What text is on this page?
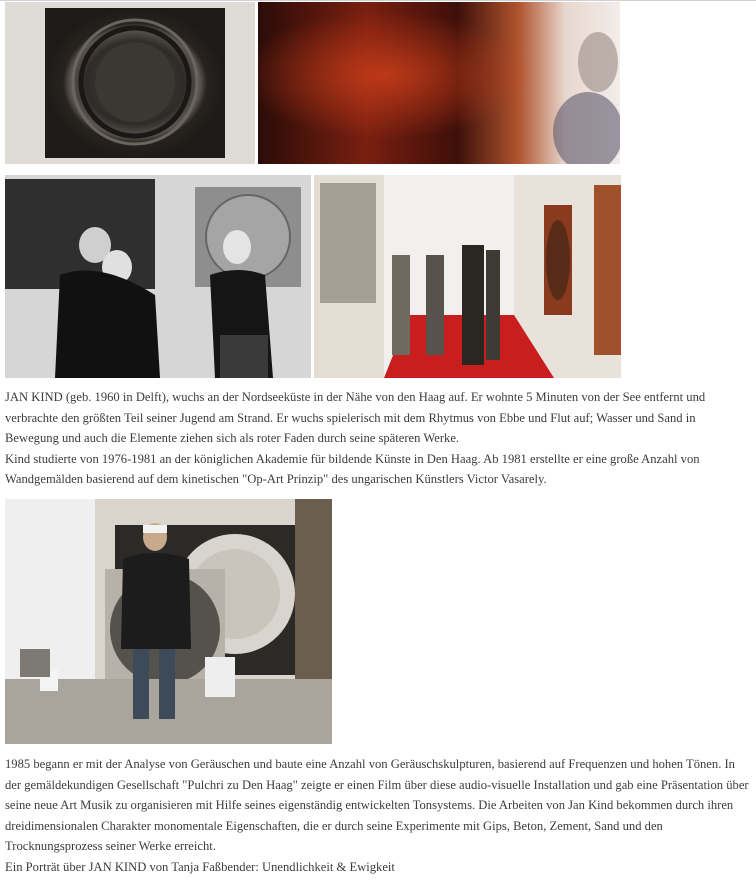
JAN KIND (geb. 1960 in Delft), wuchs an der Nordseeküste in der Nähe von den Haag auf. Er wohnte 5 Minuten von der See entfernt und verbrachte den größten Teil seiner Jugend am Strand. Er wuchs spielerisch mit dem Rhytmus von Ebbe und Flut auf; Wasser und Sand in Bewegung und auch die Elemente ziehen sich als roter Faden durch seine späteren Werke.
Kind studierte von 1976-1981 an der königlichen Akademie für bildende Künste in Den Haag. Ab 1981 erstellte er eine große Anzahl von Wandgemälden basierend auf dem kinetischen "Op-Art Prinzip" des ungarischen Künstlers Victor Vasarely.

1985 begann er mit der Analyse von Geräuschen und baute eine Anzahl von Geräuschskulpturen, basierend auf Frequenzen und hohen Tönen. In der gemäldekundigen Gesellschaft "Pulchri zu Den Haag" zeigte er einen Film über diese audio-visuelle Installation und gab eine Präsentation über seine neue Art Musik zu organisieren mit Hilfe seines eigenständig entwickelten Tonsystems. Die Arbeiten von Jan Kind bekommen durch ihren dreidimensionalen Charakter monomentale Eigenschaften, die er durch seine Experimente mit Gips, Beton, Zement, Sand und den Trocknungsprozess seiner Werke erreicht.
Ein Porträt über JAN KIND von Tanja Faßbender: Unendlichkeit & Ewigkeit
